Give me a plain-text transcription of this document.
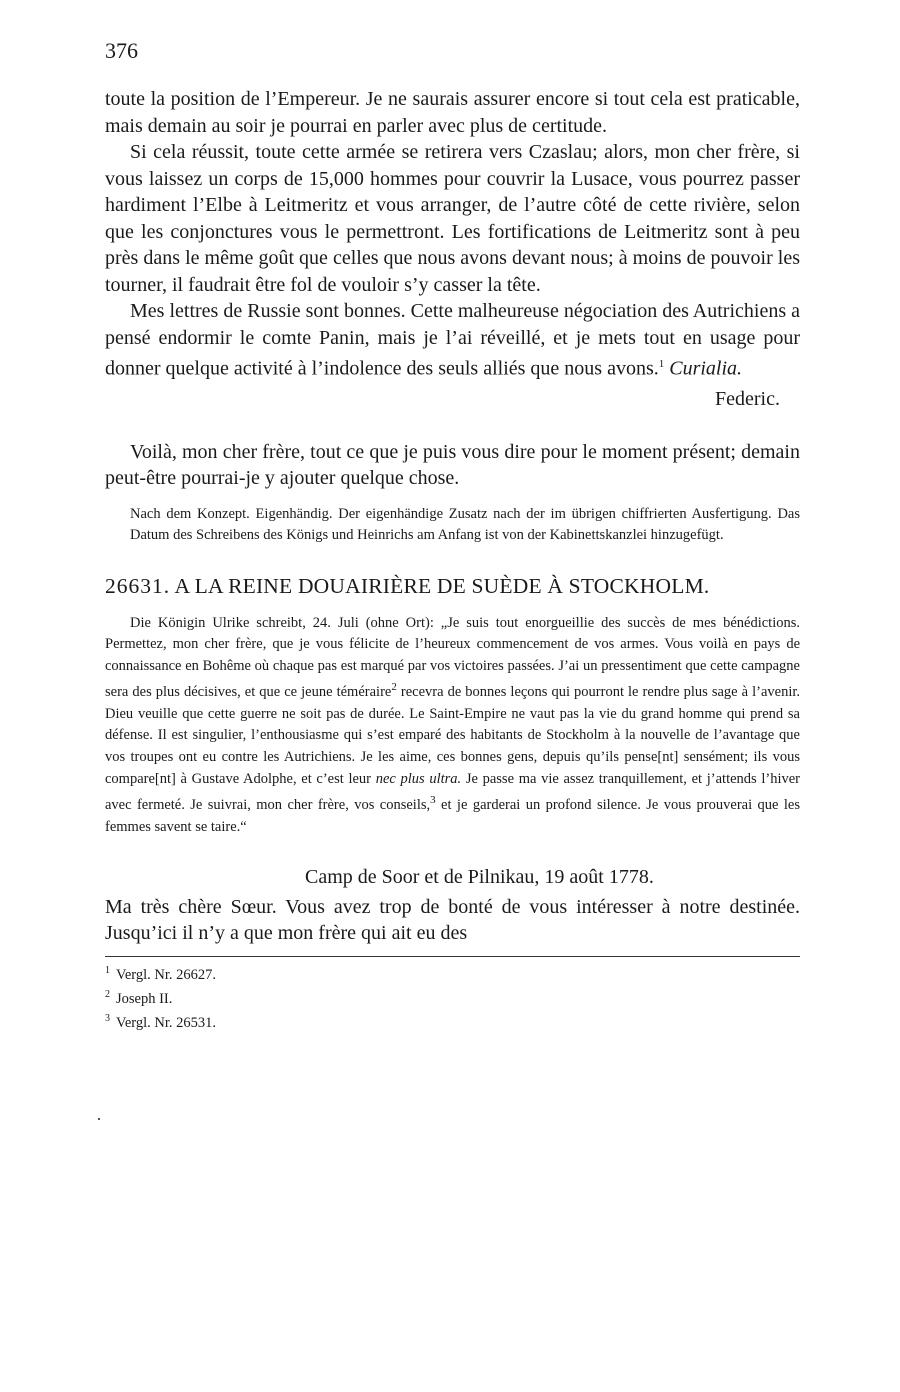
376

toute la position de l’Empereur. Je ne saurais assurer encore si tout cela est praticable, mais demain au soir je pourrai en parler avec plus de certitude.

Si cela réussit, toute cette armée se retirera vers Czaslau; alors, mon cher frère, si vous laissez un corps de 15,000 hommes pour couvrir la Lusace, vous pourrez passer hardiment l’Elbe à Leitmeritz et vous arranger, de l’autre côté de cette rivière, selon que les conjonctures vous le permettront. Les fortifications de Leitmeritz sont à peu près dans le même goût que celles que nous avons devant nous; à moins de pouvoir les tourner, il faudrait être fol de vouloir s’y casser la tête.

Mes lettres de Russie sont bonnes. Cette malheureuse négociation des Autrichiens a pensé endormir le comte Panin, mais je l’ai réveillé, et je mets tout en usage pour donner quelque activité à l’indolence des seuls alliés que nous avons.$^1$ Curialia.

Federic.

Voilà, mon cher frère, tout ce que je puis vous dire pour le moment présent; demain peut-être pourrai-je y ajouter quelque chose.

Nach dem Konzept. Eigenhändig. Der eigenhändige Zusatz nach der im übrigen chiffrierten Ausfertigung. Das Datum des Schreibens des Königs und Heinrichs am Anfang ist von der Kabinettskanzlei hinzugefügt.

26631. A LA REINE DOUAIRIÈRE DE SUÈDE À STOCKHOLM.

Die Königin Ulrike schreibt, 24. Juli (ohne Ort): „Je suis tout enorgueillie des succès de mes bénédictions. Permettez, mon cher frère, que je vous félicite de l’heureux commencement de vos armes. Vous voilà en pays de connaissance en Bohême où chaque pas est marqué par vos victoires passées. J’ai un pressentiment que cette campagne sera des plus décisives, et que ce jeune téméraire$^2$ recevra de bonnes leçons qui pourront le rendre plus sage à l’avenir. Dieu veuille que cette guerre ne soit pas de durée. Le Saint-Empire ne vaut pas la vie du grand homme qui prend sa défense. Il est singulier, l’enthousiasme qui s’est emparé des habitants de Stockholm à la nouvelle de l’avantage que vos troupes ont eu contre les Autrichiens. Je les aime, ces bonnes gens, depuis qu’ils pense[nt] sensément; ils vous compare[nt] à Gustave Adolphe, et c’est leur nec plus ultra. Je passe ma vie assez tranquillement, et j’attends l’hiver avec fermeté. Je suivrai, mon cher frère, vos conseils,$^3$ et je garderai un profond silence. Je vous prouverai que les femmes savent se taire.“

Camp de Soor et de Pilnikau, 19 août 1778.

Ma très chère Sœur. Vous avez trop de bonté de vous intéresser à notre destinée. Jusqu’ici il n’y a que mon frère qui ait eu des

$^1$ Vergl. Nr. 26627.
$^2$ Joseph II.
$^3$ Vergl. Nr. 26531.
